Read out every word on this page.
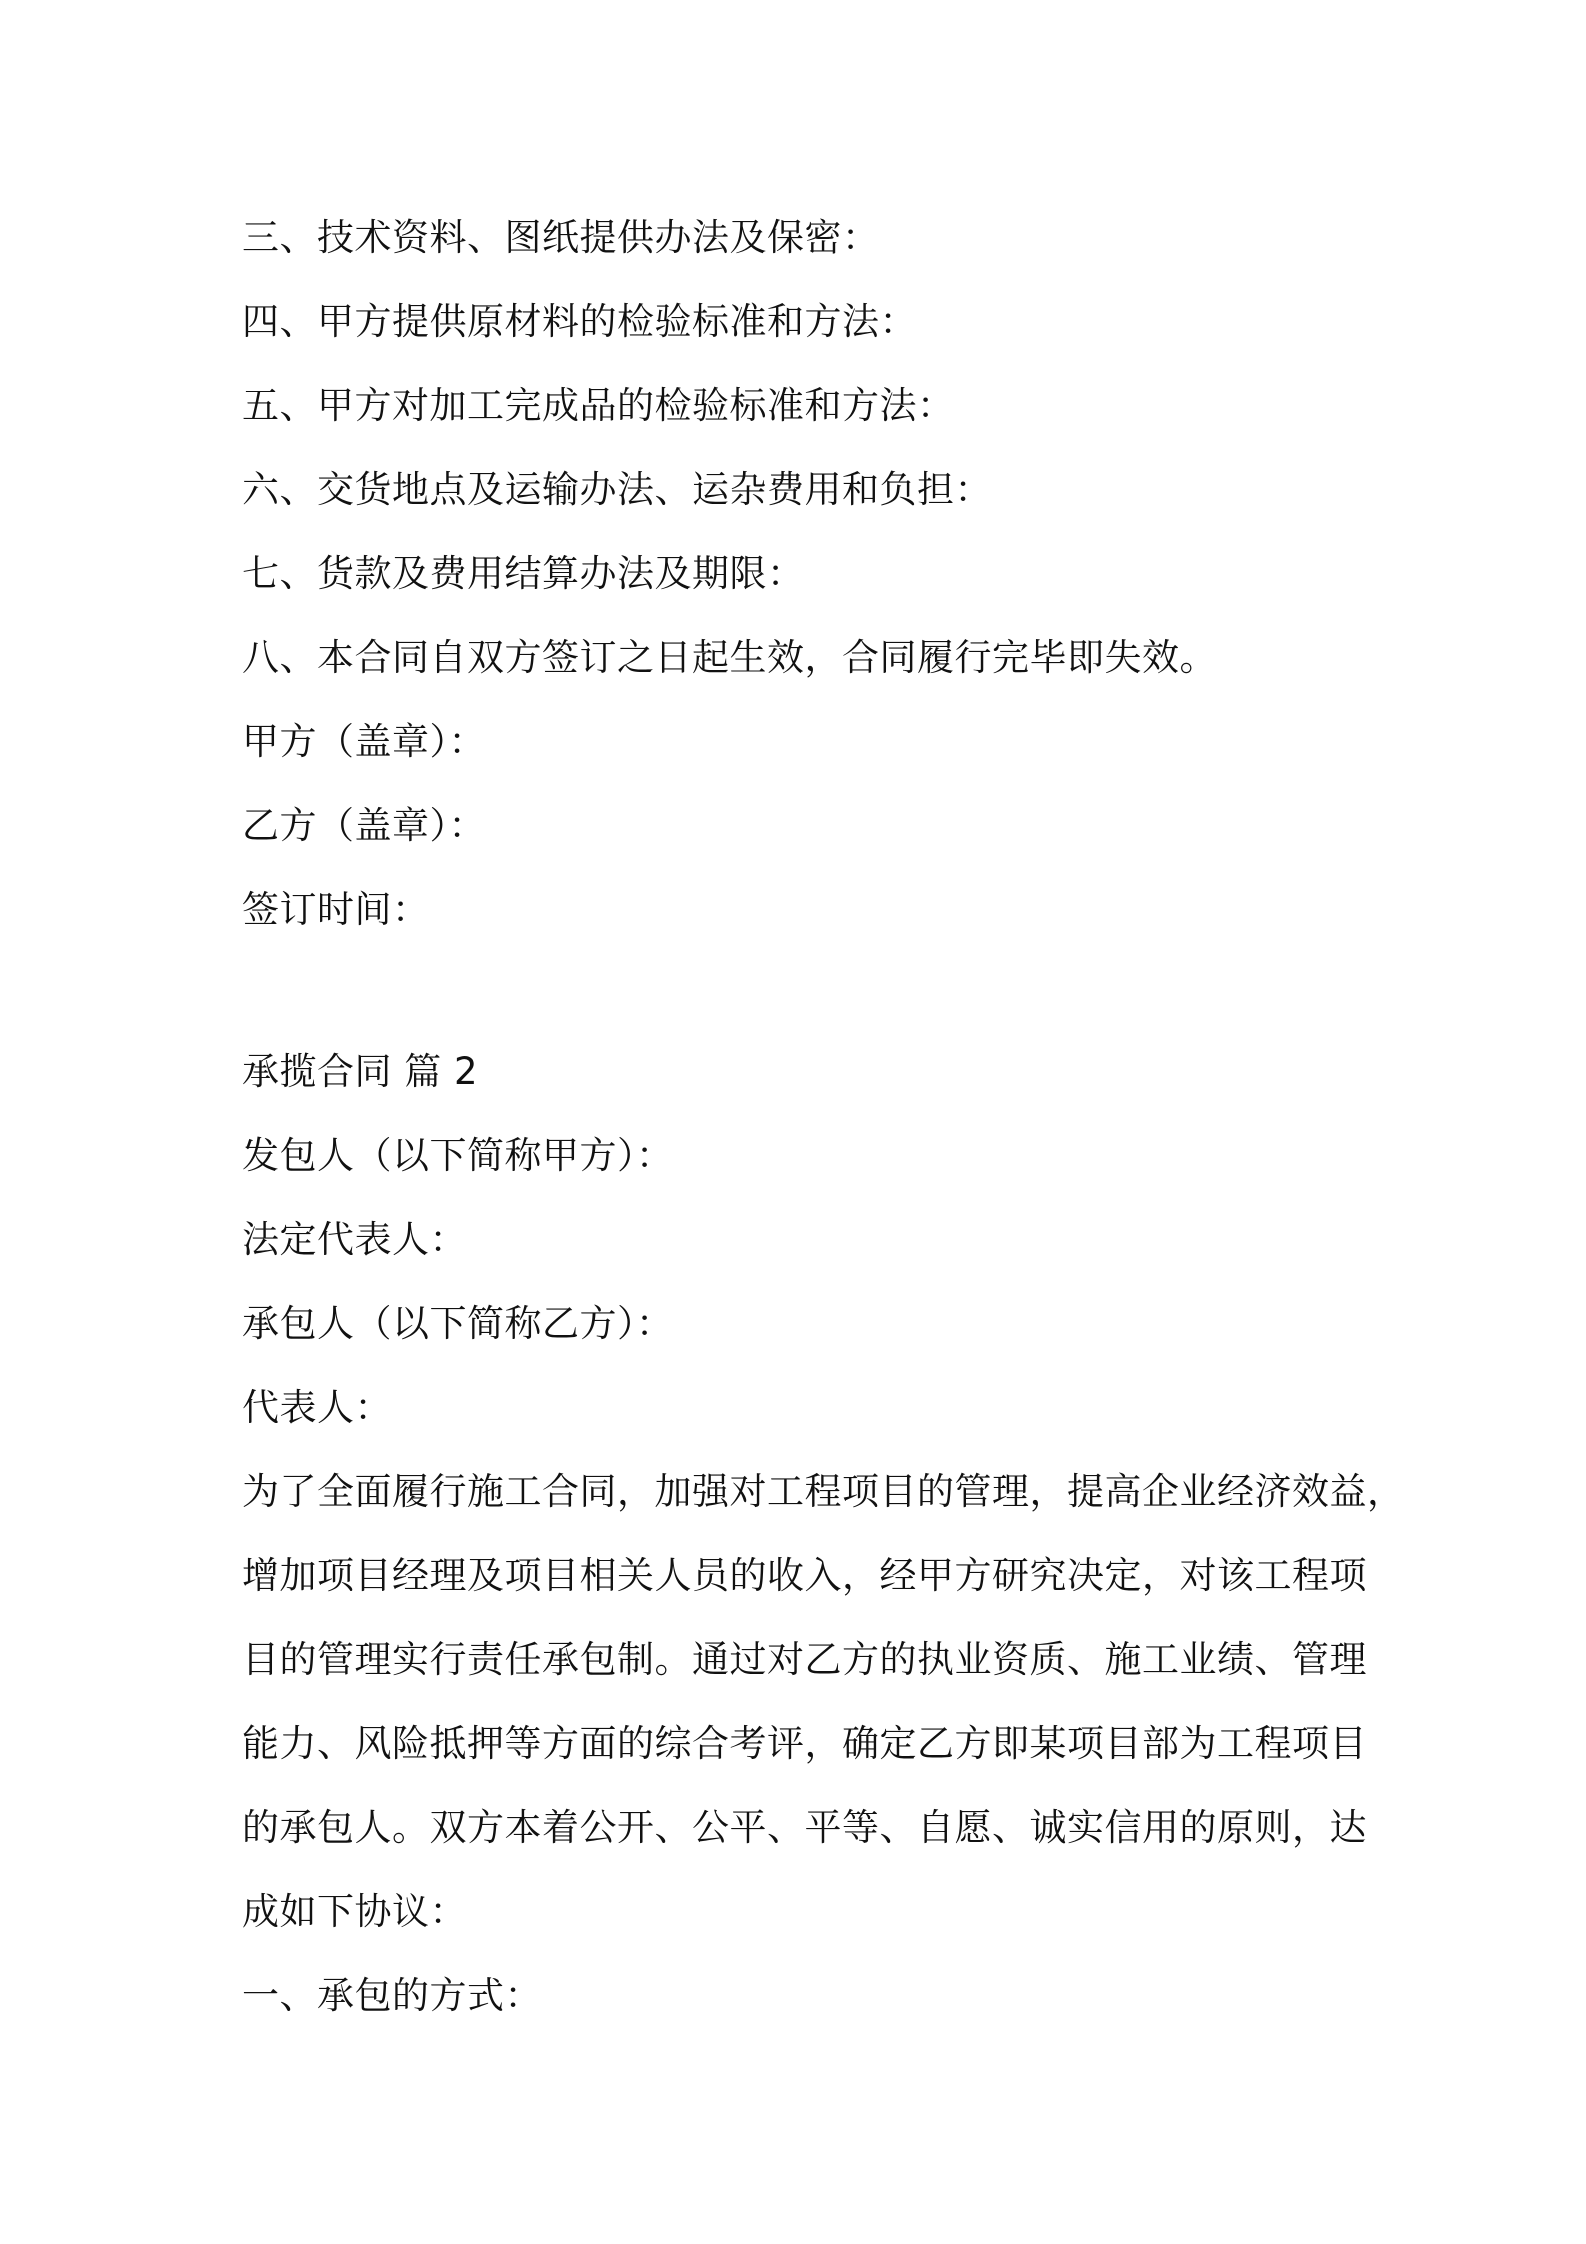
三、技术资料、图纸提供办法及保密：
四、甲方提供原材料的检验标准和方法：
五、甲方对加工完成品的检验标准和方法：
六、交货地点及运输办法、运杂费用和负担：
七、货款及费用结算办法及期限：
八、本合同自双方签订之日起生效，合同履行完毕即失效。
甲方（盖章）：
乙方（盖章）：
签订时间：
承揽合同 篇 2
发包人（以下简称甲方）：
法定代表人：
承包人（以下简称乙方）：
代表人：
为了全面履行施工合同，加强对工程项目的管理，提高企业经济效益，
增加项目经理及项目相关人员的收入，经甲方研究决定，对该工程项
目的管理实行责任承包制。通过对乙方的执业资质、施工业绩、管理
能力、风险抵押等方面的综合考评，确定乙方即某项目部为工程项目
的承包人。双方本着公开、公平、平等、自愿、诚实信用的原则，达
成如下协议：
一、承包的方式：
